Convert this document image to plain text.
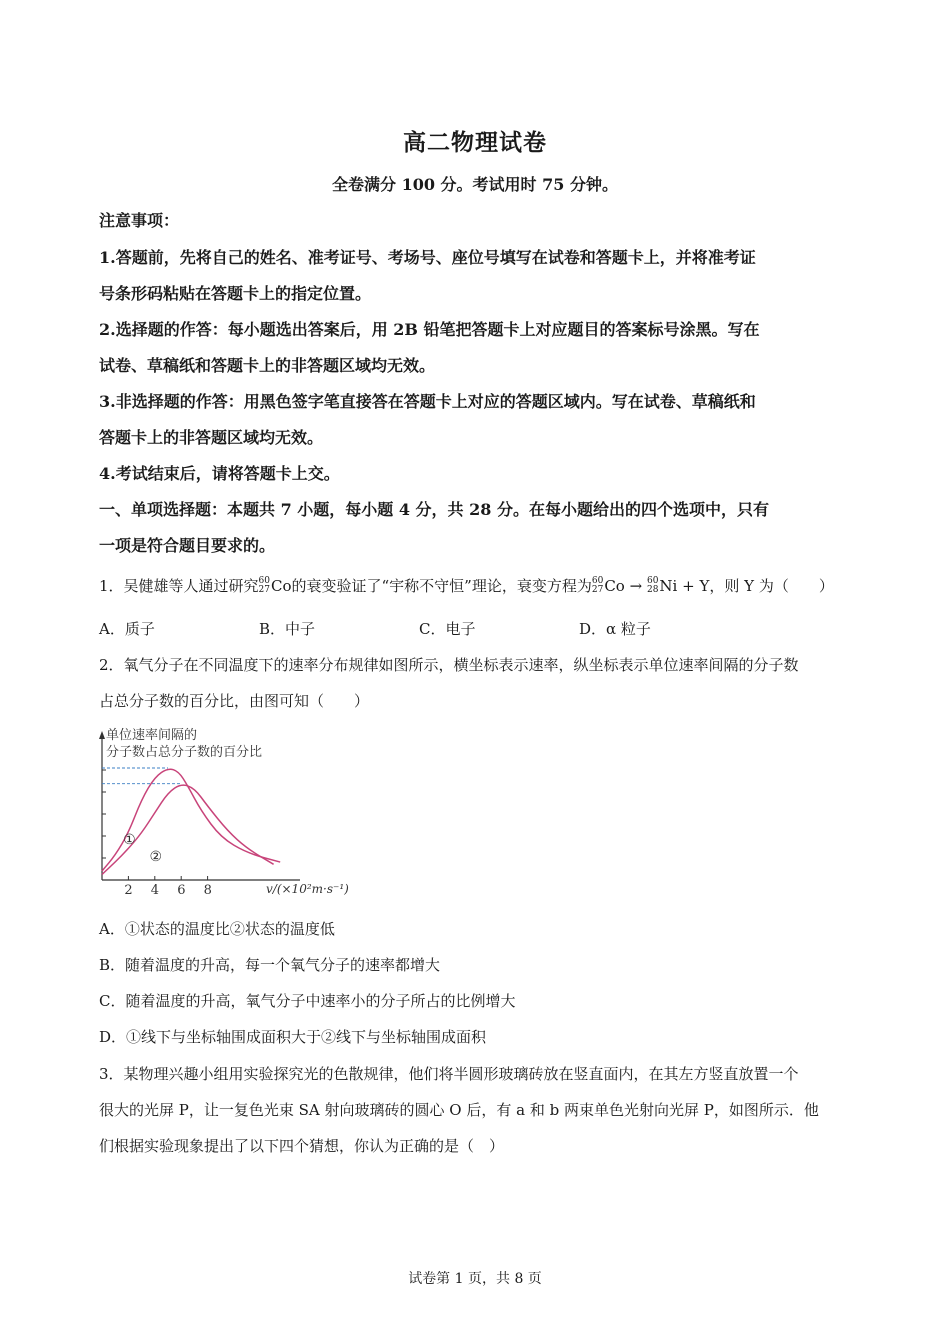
高二物理试卷
全卷满分 100 分。考试用时 75 分钟。
注意事项：
1.答题前，先将自己的姓名、准考证号、考场号、座位号填写在试卷和答题卡上，并将准考证
号条形码粘贴在答题卡上的指定位置。
2.选择题的作答：每小题选出答案后，用 2B 铅笔把答题卡上对应题目的答案标号涂黑。写在
试卷、草稿纸和答题卡上的非答题区域均无效。
3.非选择题的作答：用黑色签字笔直接答在答题卡上对应的答题区域内。写在试卷、草稿纸和
答题卡上的非答题区域均无效。
4.考试结束后，请将答题卡上交。
一、单项选择题：本题共 7 小题，每小题 4 分，共 28 分。在每小题给出的四个选项中，只有
一项是符合题目要求的。
1．吴健雄等人通过研究 60
27 Co的衰变验证了“宇称不守恒”理论，衰变方程为 60
27 Co → 60
28 Ni + Y，则 Y 为（　　）
A．质子	B．中子	C．电子	D．α 粒子
2．氧气分子在不同温度下的速率分布规律如图所示，横坐标表示速率，纵坐标表示单位速率间隔的分子数
占总分子数的百分比，由图可知（　　）
单位速率间隔的
分子数占总分子数的百分比
v/(×10²m·s⁻¹)
2 4 6 8
①
②
A．①状态的温度比②状态的温度低
B．随着温度的升高，每一个氧气分子的速率都增大
C．随着温度的升高，氧气分子中速率小的分子所占的比例增大
D．①线下与坐标轴围成面积大于②线下与坐标轴围成面积
3．某物理兴趣小组用实验探究光的色散规律，他们将半圆形玻璃砖放在竖直面内，在其左方竖直放置一个
很大的光屏 P，让一复色光束 SA 射向玻璃砖的圆心 O 后，有 a 和 b 两束单色光射向光屏 P，如图所示．他
们根据实验现象提出了以下四个猜想，你认为正确的是（　）
试卷第 1 页，共 8 页
